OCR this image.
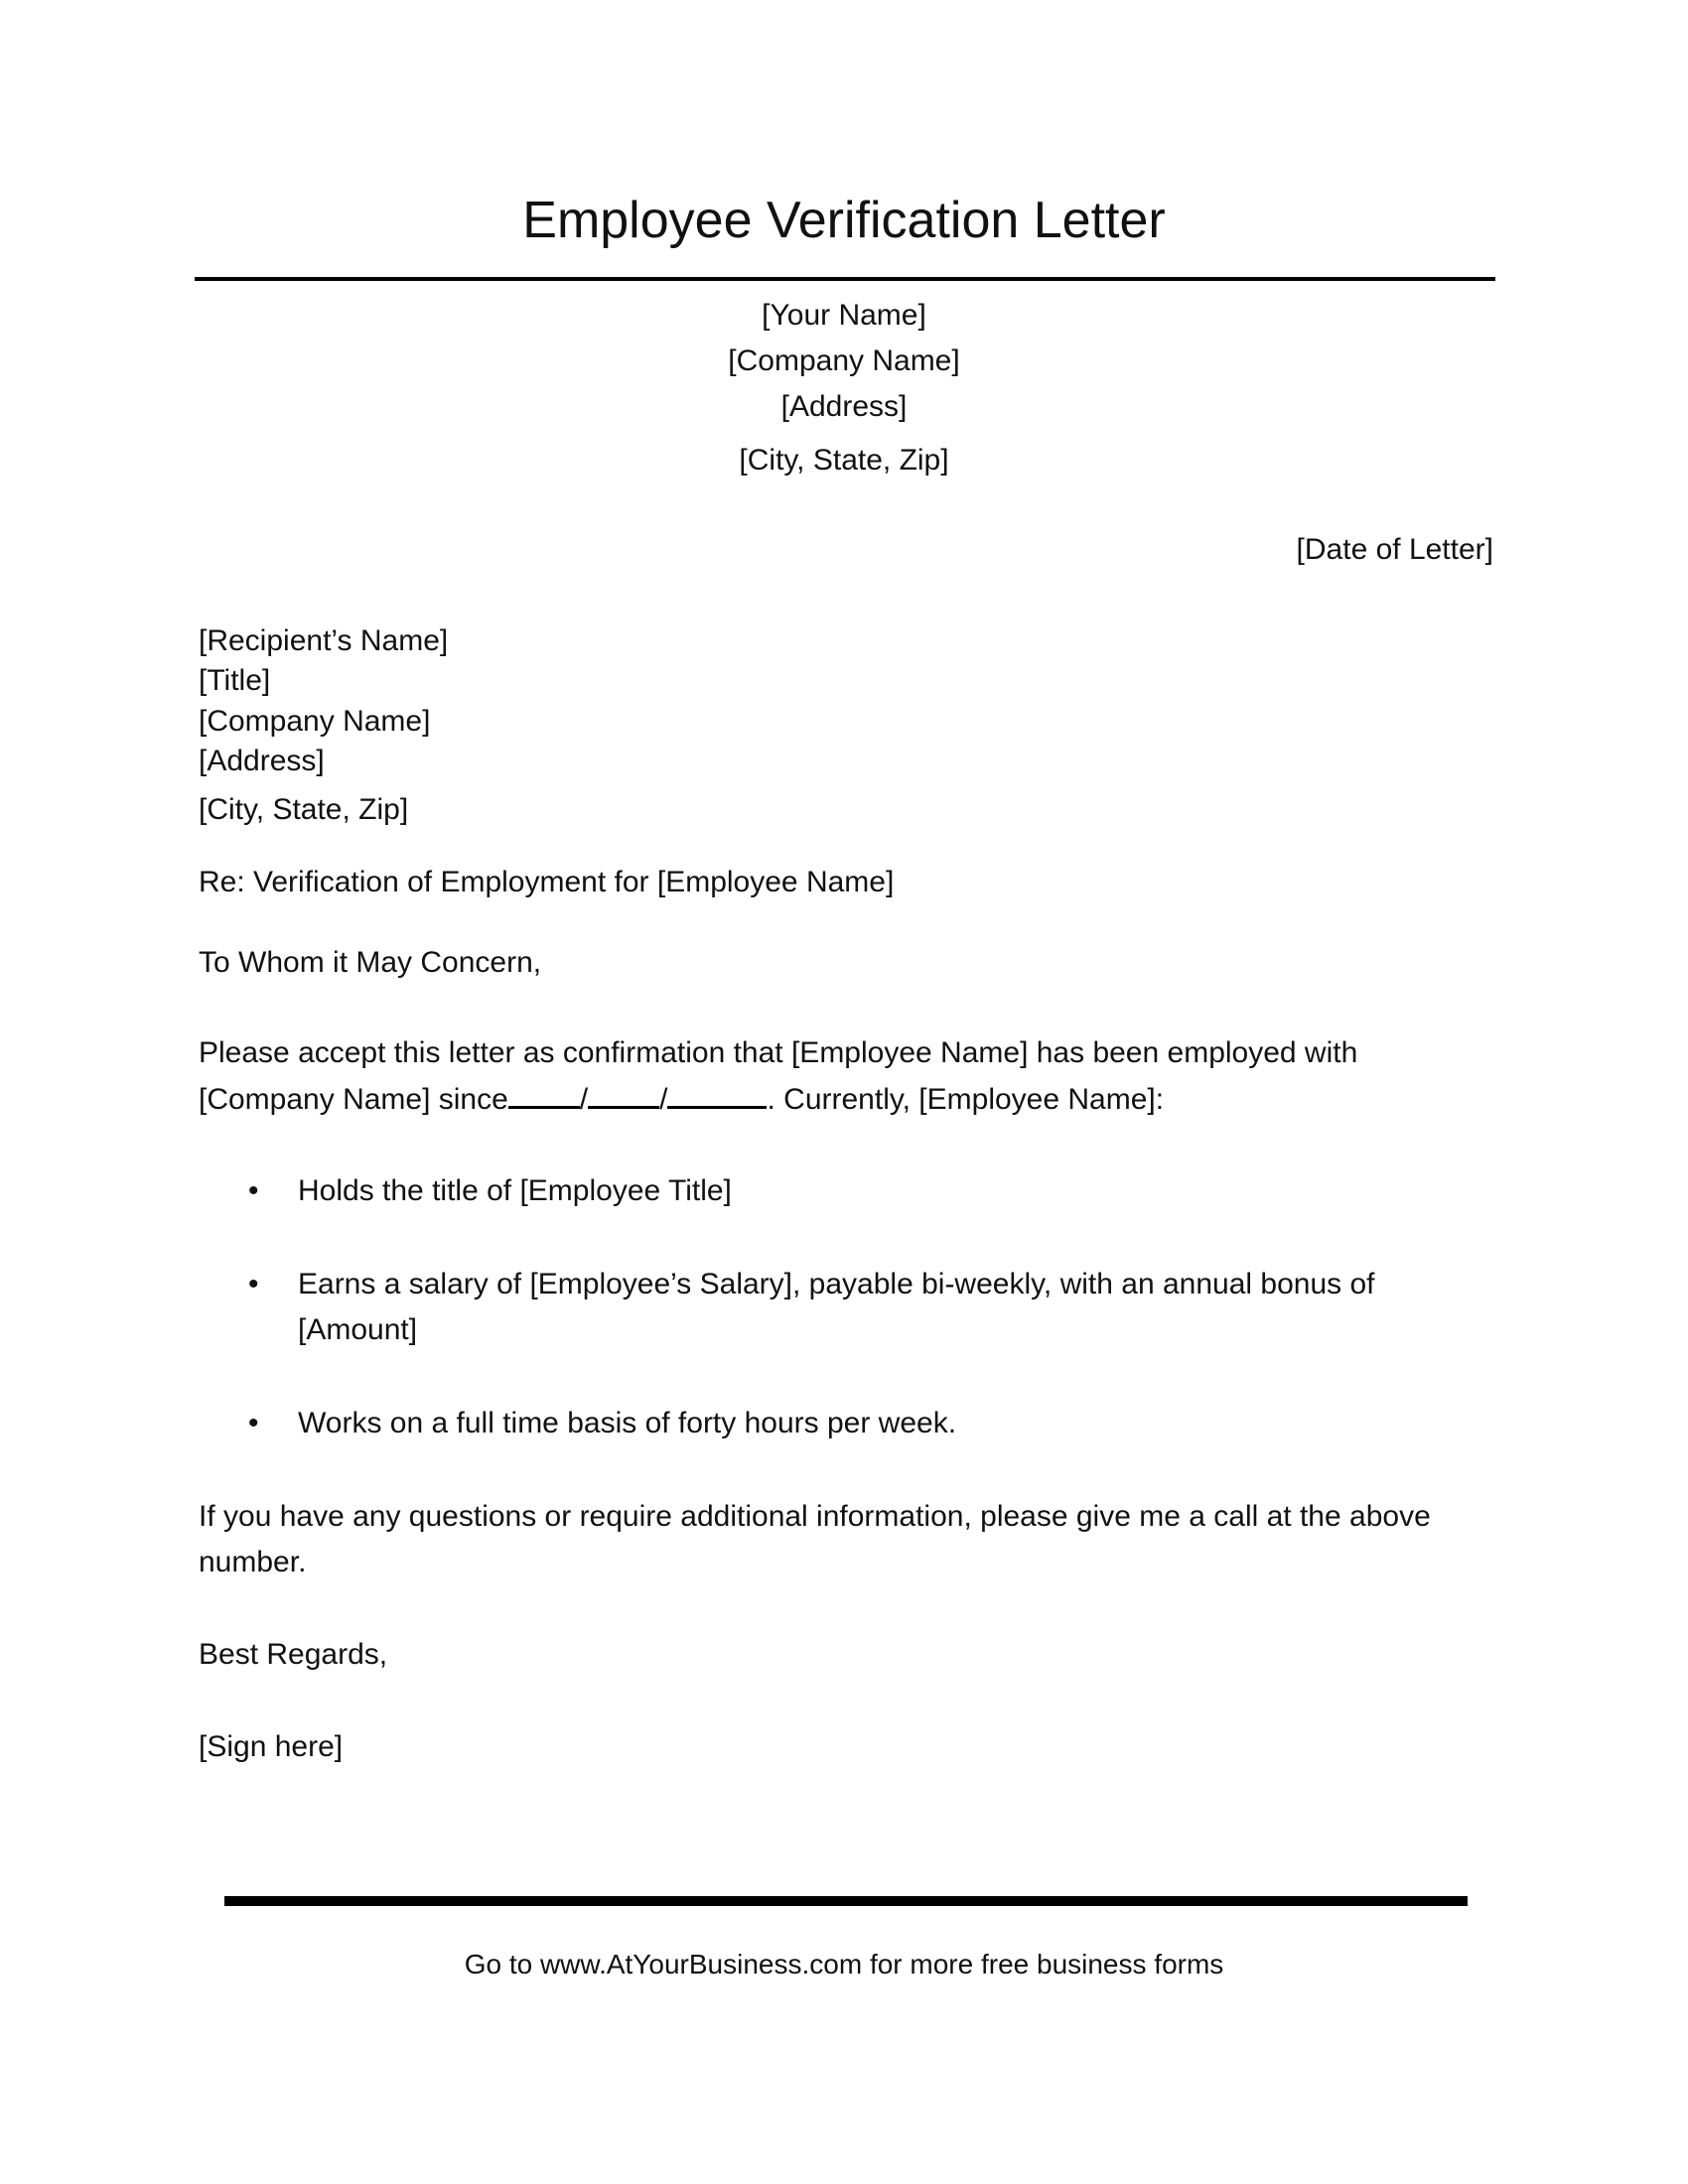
Employee Verification Letter
[Your Name]
[Company Name]
[Address]
[City, State, Zip]
[Date of Letter]
[Recipient’s Name]
[Title]
[Company Name]
[Address]
[City, State, Zip]
Re: Verification of Employment for [Employee Name]
To Whom it May Concern,
Please accept this letter as confirmation that [Employee Name] has been employed with
[Company Name] since / /	. Currently, [Employee Name]:
• Holds the title of [Employee Title]
• Earns a salary of [Employee’s Salary], payable bi-weekly, with an annual bonus of
[Amount]
• Works on a full time basis of forty hours per week.
If you have any questions or require additional information, please give me a call at the above
number.
Best Regards,
[Sign here]
Go to www.AtYourBusiness.com for more free business forms
